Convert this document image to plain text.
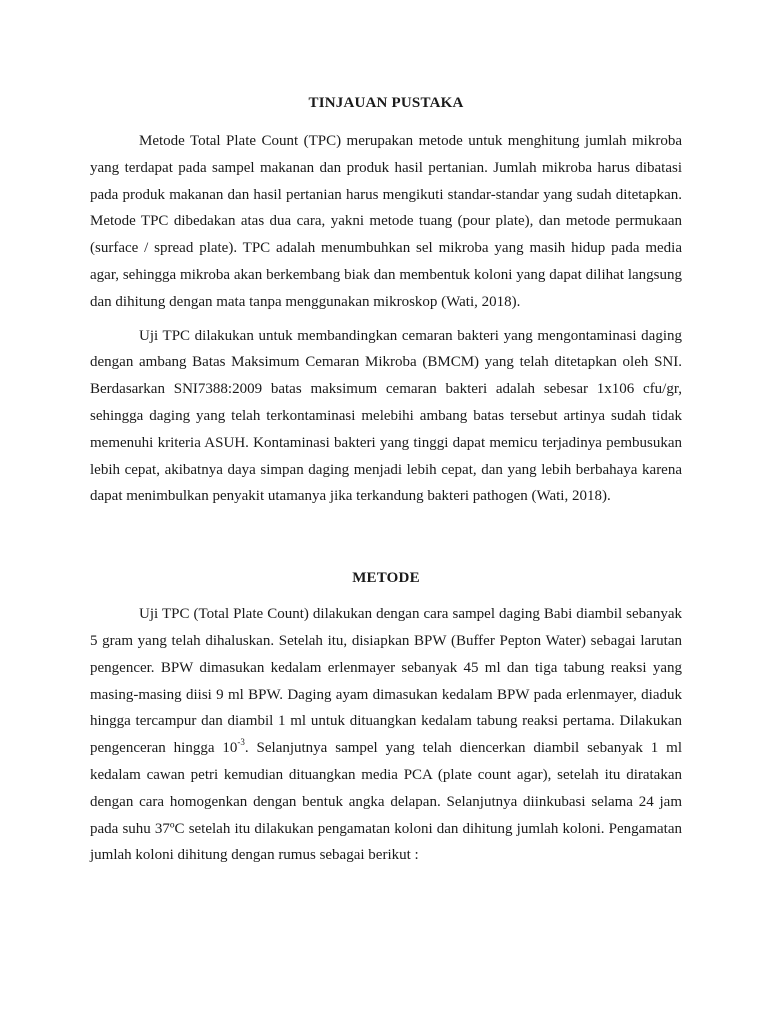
TINJAUAN PUSTAKA

Metode Total Plate Count (TPC) merupakan metode untuk menghitung jumlah mikroba yang terdapat pada sampel makanan dan produk hasil pertanian. Jumlah mikroba harus dibatasi pada produk makanan dan hasil pertanian harus mengikuti standar-standar yang sudah ditetapkan. Metode TPC dibedakan atas dua cara, yakni metode tuang (pour plate), dan metode permukaan (surface / spread plate). TPC adalah menumbuhkan sel mikroba yang masih hidup pada media agar, sehingga mikroba akan berkembang biak dan membentuk koloni yang dapat dilihat langsung dan dihitung dengan mata tanpa menggunakan mikroskop (Wati, 2018).

Uji TPC dilakukan untuk membandingkan cemaran bakteri yang mengontaminasi daging dengan ambang Batas Maksimum Cemaran Mikroba (BMCM) yang telah ditetapkan oleh SNI. Berdasarkan SNI7388:2009 batas maksimum cemaran bakteri adalah sebesar 1x106 cfu/gr, sehingga daging yang telah terkontaminasi melebihi ambang batas tersebut artinya sudah tidak memenuhi kriteria ASUH. Kontaminasi bakteri yang tinggi dapat memicu terjadinya pembusukan lebih cepat, akibatnya daya simpan daging menjadi lebih cepat, dan yang lebih berbahaya karena dapat menimbulkan penyakit utamanya jika terkandung bakteri pathogen (Wati, 2018).

METODE

Uji TPC (Total Plate Count) dilakukan dengan cara sampel daging Babi diambil sebanyak 5 gram yang telah dihaluskan. Setelah itu, disiapkan BPW (Buffer Pepton Water) sebagai larutan pengencer. BPW dimasukan kedalam erlenmayer sebanyak 45 ml dan tiga tabung reaksi yang masing-masing diisi 9 ml BPW. Daging ayam dimasukan kedalam BPW pada erlenmayer, diaduk hingga tercampur dan diambil 1 ml untuk dituangkan kedalam tabung reaksi pertama. Dilakukan pengenceran hingga $10^{-3}$. Selanjutnya sampel yang telah diencerkan diambil sebanyak 1 ml kedalam cawan petri kemudian dituangkan media PCA (plate count agar), setelah itu diratakan dengan cara homogenkan dengan bentuk angka delapan. Selanjutnya diinkubasi selama 24 jam pada suhu 37ºC setelah itu dilakukan pengamatan koloni dan dihitung jumlah koloni. Pengamatan jumlah koloni dihitung dengan rumus sebagai berikut :
